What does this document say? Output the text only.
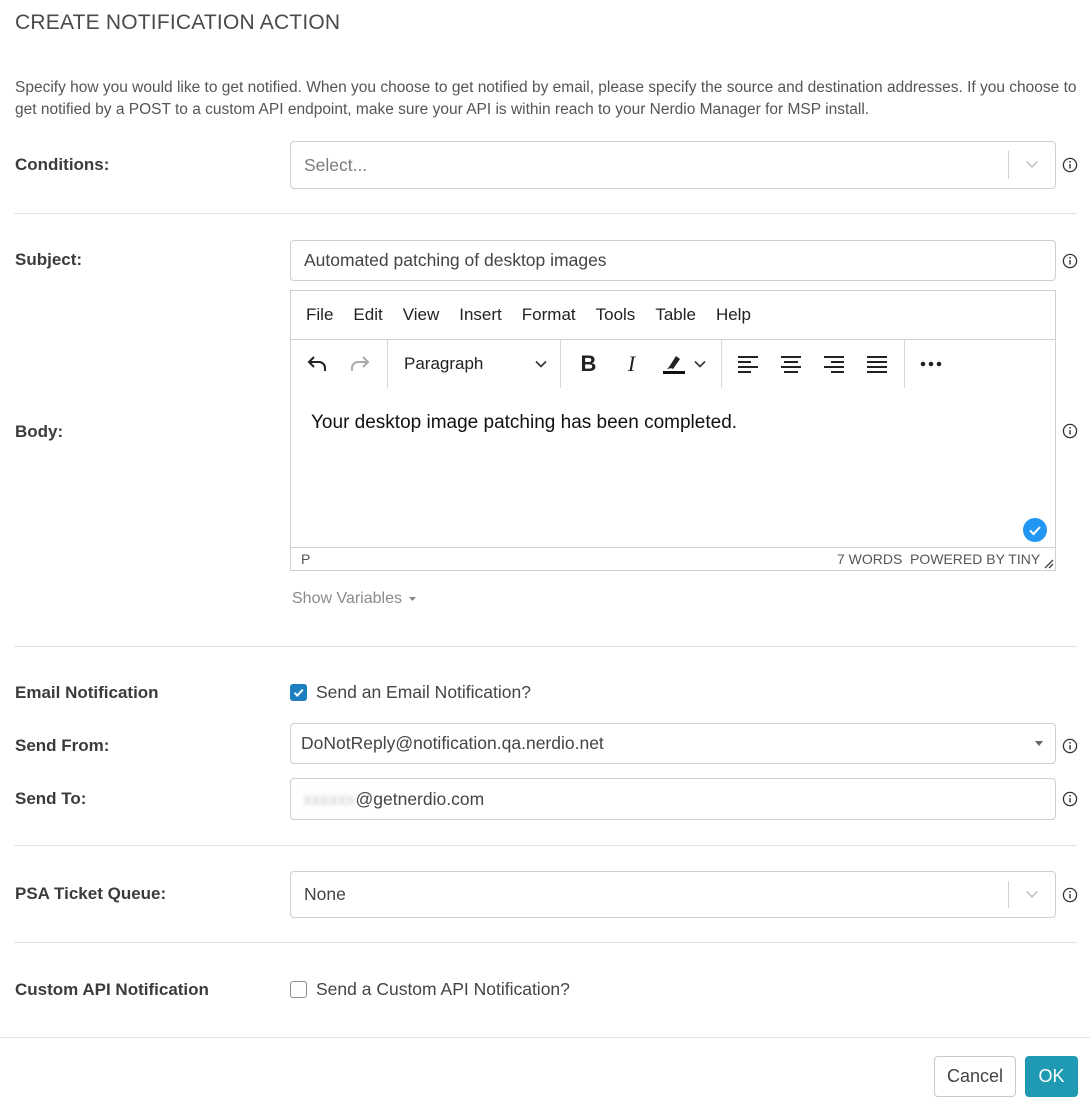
CREATE NOTIFICATION ACTION
Specify how you would like to get notified. When you choose to get notified by email, please specify the source and destination addresses. If you choose to get notified by a POST to a custom API endpoint, make sure your API is within reach to your Nerdio Manager for MSP install.
Conditions:	Select...
Subject:	Automated patching of desktop images
Body:
File	Edit	View	Insert	Format	Tools	Table	Help
Paragraph	B I
Your desktop image patching has been completed.
P	7 WORDS POWERED BY TINY
Show Variables
Email Notification	Send an Email Notification?
Send From:	DoNotReply@notification.qa.nerdio.net
Send To:	xxxxxx @getnerdio.com
PSA Ticket Queue:	None
Custom API Notification	Send a Custom API Notification?
Cancel	OK
